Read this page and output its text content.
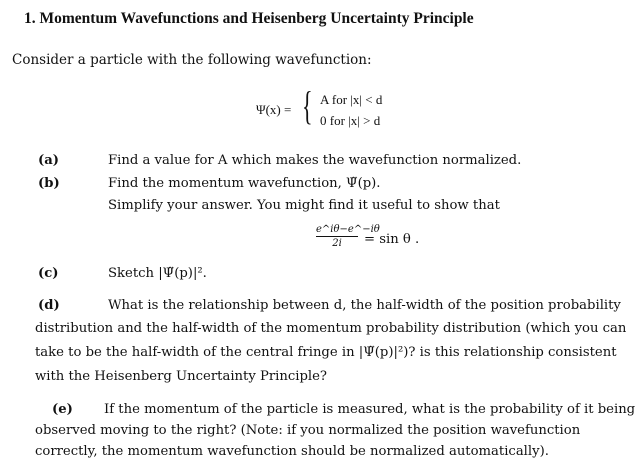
1. Momentum Wavefunctions and Heisenberg Uncertainty Principle
Consider a particle with the following wavefunction:
Ψ(x) = { A for |x| < d
0 for |x| > d
(a)	Find a value for A which makes the wavefunction normalized.
(b)	Find the momentum wavefunction, Ψ̃(p).
Simplify your answer. You might find it useful to show that
$\frac{e\^{}i\theta-e\^{}-i\theta}{2i} = \sin \theta$ .
(c)	Sketch |Ψ̃(p)|².
(d)	What is the relationship between d, the half-width of the position probability
distribution and the half-width of the momentum probability distribution (which you can
take to be the half-width of the central fringe in |Ψ̃(p)|²)? is this relationship consistent
with the Heisenberg Uncertainty Principle?
(e) If the momentum of the particle is measured, what is the probability of it being
observed moving to the right? (Note: if you normalized the position wavefunction
correctly, the momentum wavefunction should be normalized automatically).
